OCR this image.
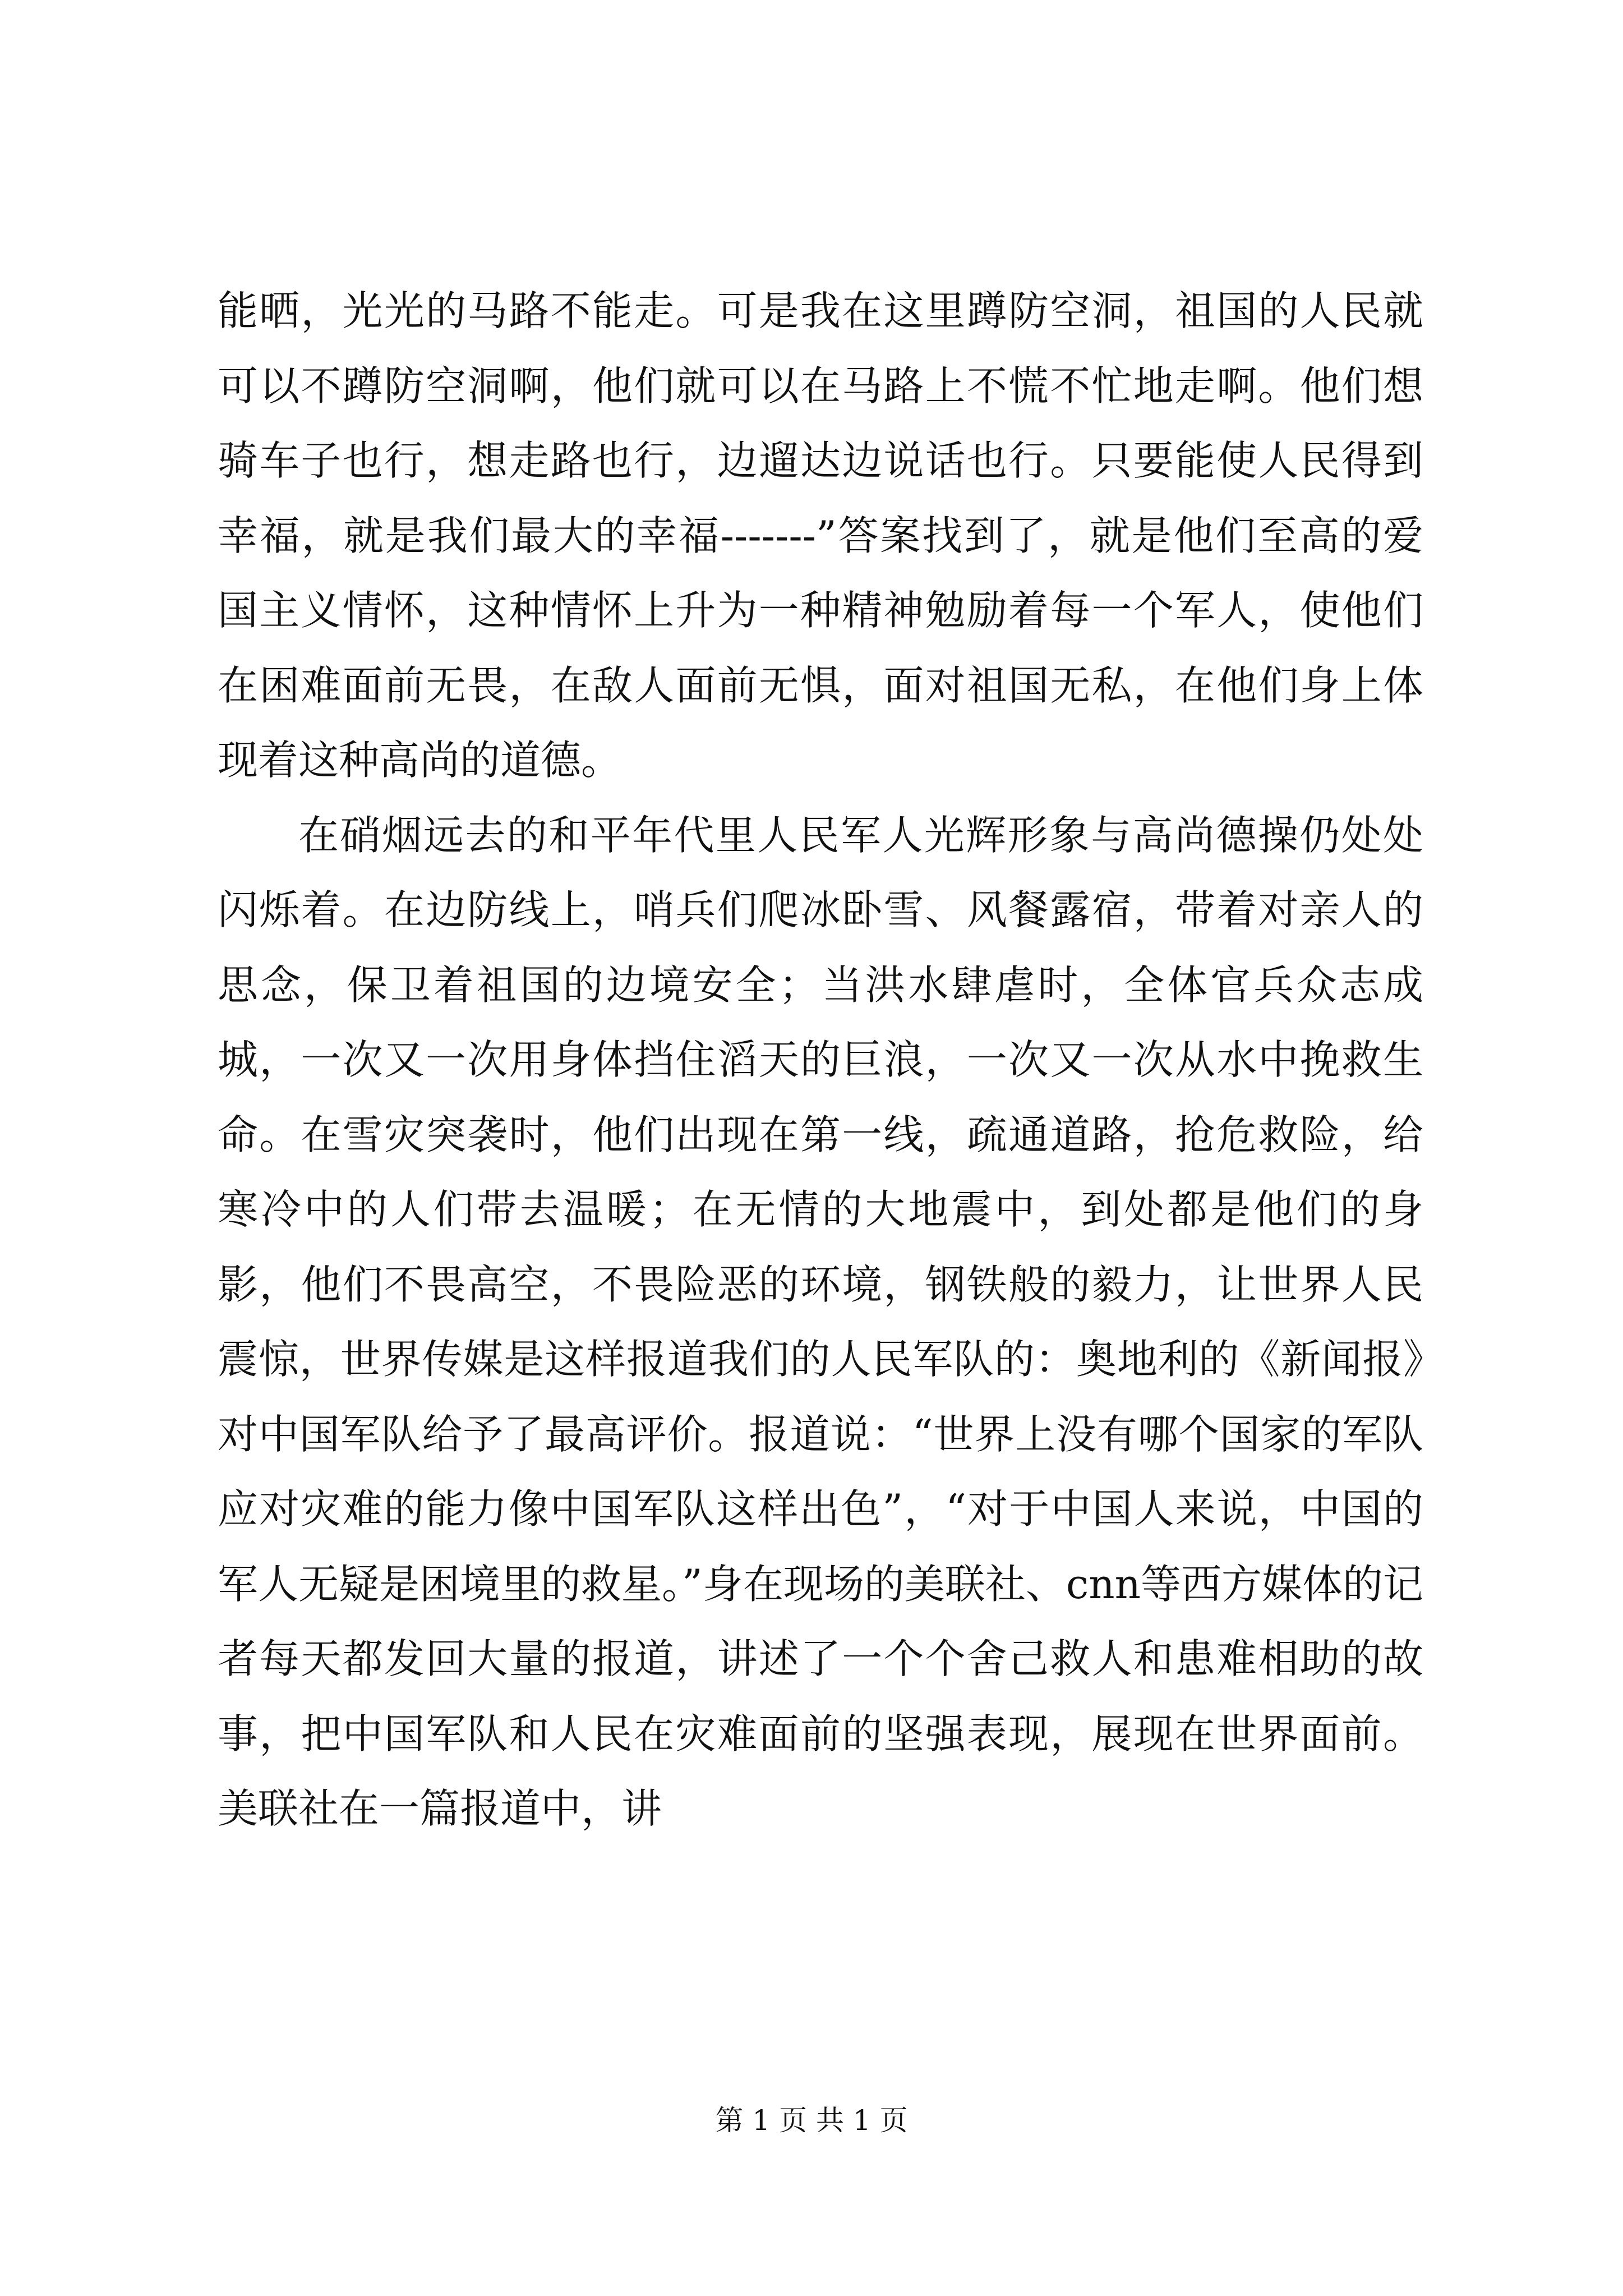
能晒，光光的马路不能走。可是我在这里蹲防空洞，祖国的人民就可以不蹲防空洞啊，他们就可以在马路上不慌不忙地走啊。他们想骑车子也行，想走路也行，边遛达边说话也行。只要能使人民得到幸福，就是我们最大的幸福-------”答案找到了，就是他们至高的爱国主义情怀，这种情怀上升为一种精神勉励着每一个军人，使他们在困难面前无畏，在敌人面前无惧，面对祖国无私，在他们身上体现着这种高尚的道德。

在硝烟远去的和平年代里人民军人光辉形象与高尚德操仍处处闪烁着。在边防线上，哨兵们爬冰卧雪、风餐露宿，带着对亲人的思念，保卫着祖国的边境安全；当洪水肆虐时，全体官兵众志成城，一次又一次用身体挡住滔天的巨浪，一次又一次从水中挽救生命。在雪灾突袭时，他们出现在第一线，疏通道路，抢危救险，给寒冷中的人们带去温暖；在无情的大地震中，到处都是他们的身影，他们不畏高空，不畏险恶的环境，钢铁般的毅力，让世界人民震惊，世界传媒是这样报道我们的人民军队的：奥地利的《新闻报》对中国军队给予了最高评价。报道说：“世界上没有哪个国家的军队应对灾难的能力像中国军队这样出色”，“对于中国人来说，中国的军人无疑是困境里的救星。”身在现场的美联社、cnn等西方媒体的记者每天都发回大量的报道，讲述了一个个舍己救人和患难相助的故事，把中国军队和人民在灾难面前的坚强表现，展现在世界面前。美联社在一篇报道中，讲

第 1 页 共 1 页
